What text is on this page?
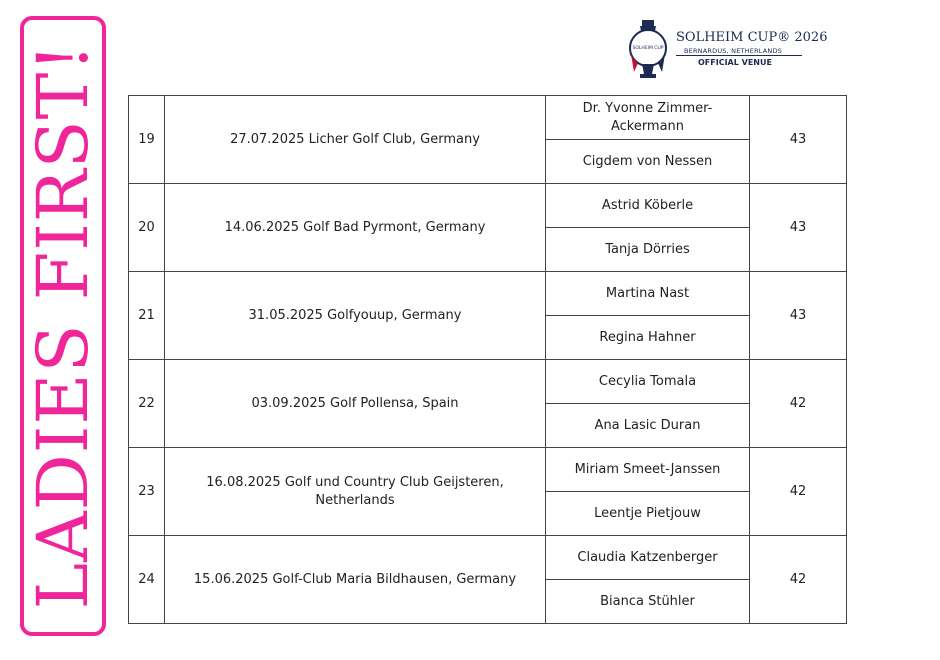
LADIES FIRST!	SOLHEIM CUP
SOLHEIM CUP® 2026
BERNARDUS, NETHERLANDS
OFFICIAL VENUE
19	27.07.2025 Licher Golf Club, Germany	Dr. Yvonne Zimmer-Ackermann	43
		Cigdem von Nessen	
20	14.06.2025 Golf Bad Pyrmont, Germany	Astrid Köberle	43
		Tanja Dörries	
21	31.05.2025 Golfyouup, Germany	Martina Nast	43
		Regina Hahner	
22	03.09.2025 Golf Pollensa, Spain	Cecylia Tomala	42
		Ana Lasic Duran	
23	16.08.2025 Golf und Country Club Geijsteren, Netherlands	Miriam Smeet-Janssen	42
		Leentje Pietjouw	
24	15.06.2025 Golf-Club Maria Bildhausen, Germany	Claudia Katzenberger	42
		Bianca Stühler	
